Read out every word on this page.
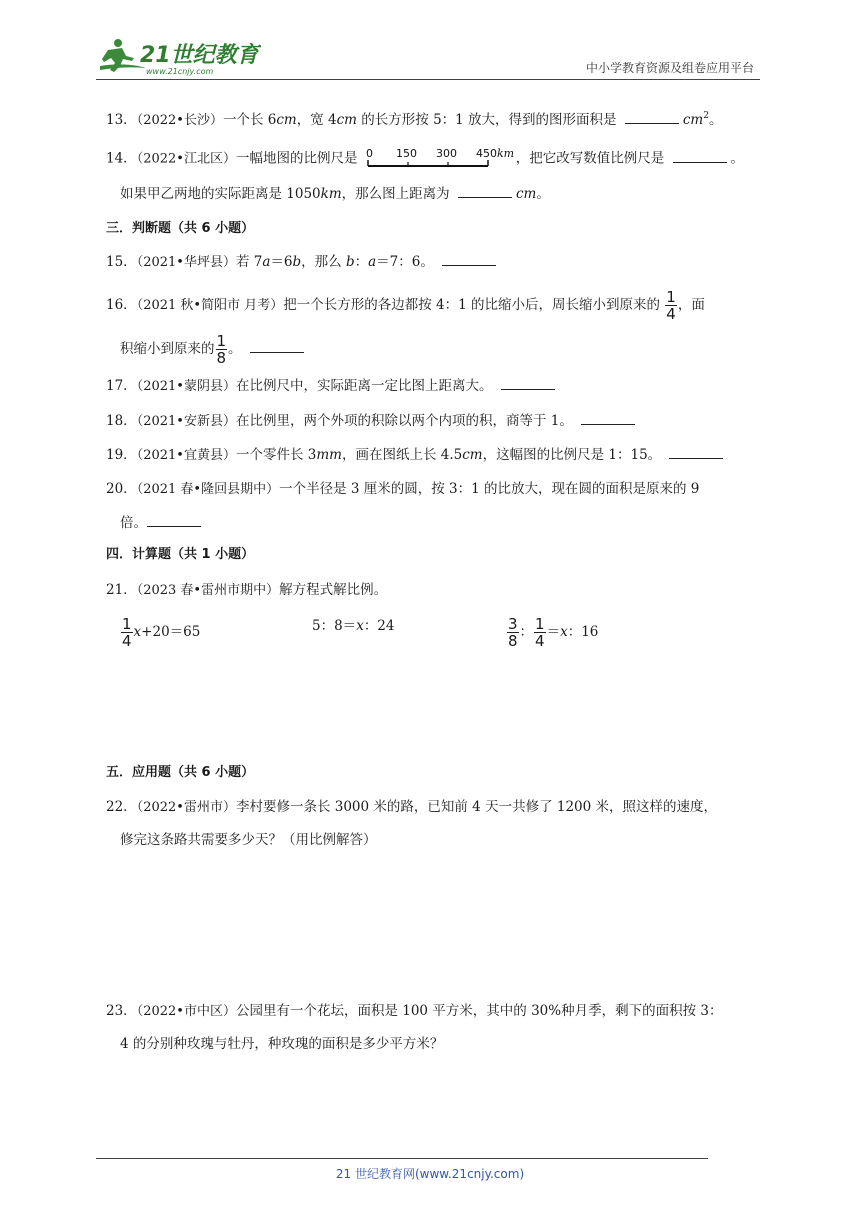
21世纪教育
www.21cnjy.com	中小学教育资源及组卷应用平台
13．（2022•长沙）一个长 6cm，宽 4cm 的长方形按 5：1 放大，得到的图形面积是	$cm^2$。
14．（2022•江北区）一幅地图的比例尺是 0 150 300 450 km ，把它改写数值比例尺是	。
如果甲乙两地的实际距离是 1050km，那么图上距离为	cm。
三．判断题（共 6 小题）
15．（2021•华坪县）若 7a＝6b，那么 b：a＝7：6。
16．（2021 秋•简阳市 月考）把一个长方形的各边都按 4：1 的比缩小后，周长缩小到原来的 $\frac{1}{4}$ ，面
积缩小到原来的 $\frac{1}{8}$ 。
17．（2021•蒙阴县）在比例尺中，实际距离一定比图上距离大。
18．（2021•安新县）在比例里，两个外项的积除以两个内项的积，商等于 1。
19．（2021•宜黄县）一个零件长 3mm，画在图纸上长 4.5cm，这幅图的比例尺是 1：15。
20．（2021 春•隆回县期中）一个半径是 3 厘米的圆，按 3：1 的比放大，现在圆的面积是原来的 9
倍。
四．计算题（共 1 小题）
21．（2023 春•雷州市期中）解方程式解比例。
$\frac{1}{4} x+20=65$	5：8＝x：24	$\frac{3}{8}$ ： $\frac{1}{4} =x$：16
五．应用题（共 6 小题）
22．（2022•雷州市）李村要修一条长 3000 米的路，已知前 4 天一共修了 1200 米，照这样的速度，
修完这条路共需要多少天？（用比例解答）
23．（2022•市中区）公园里有一个花坛，面积是 100 平方米，其中的 30%种月季，剩下的面积按 3：
4 的分别种玫瑰与牡丹，种玫瑰的面积是多少平方米？
21 世纪教育网(www.21cnjy.com)
